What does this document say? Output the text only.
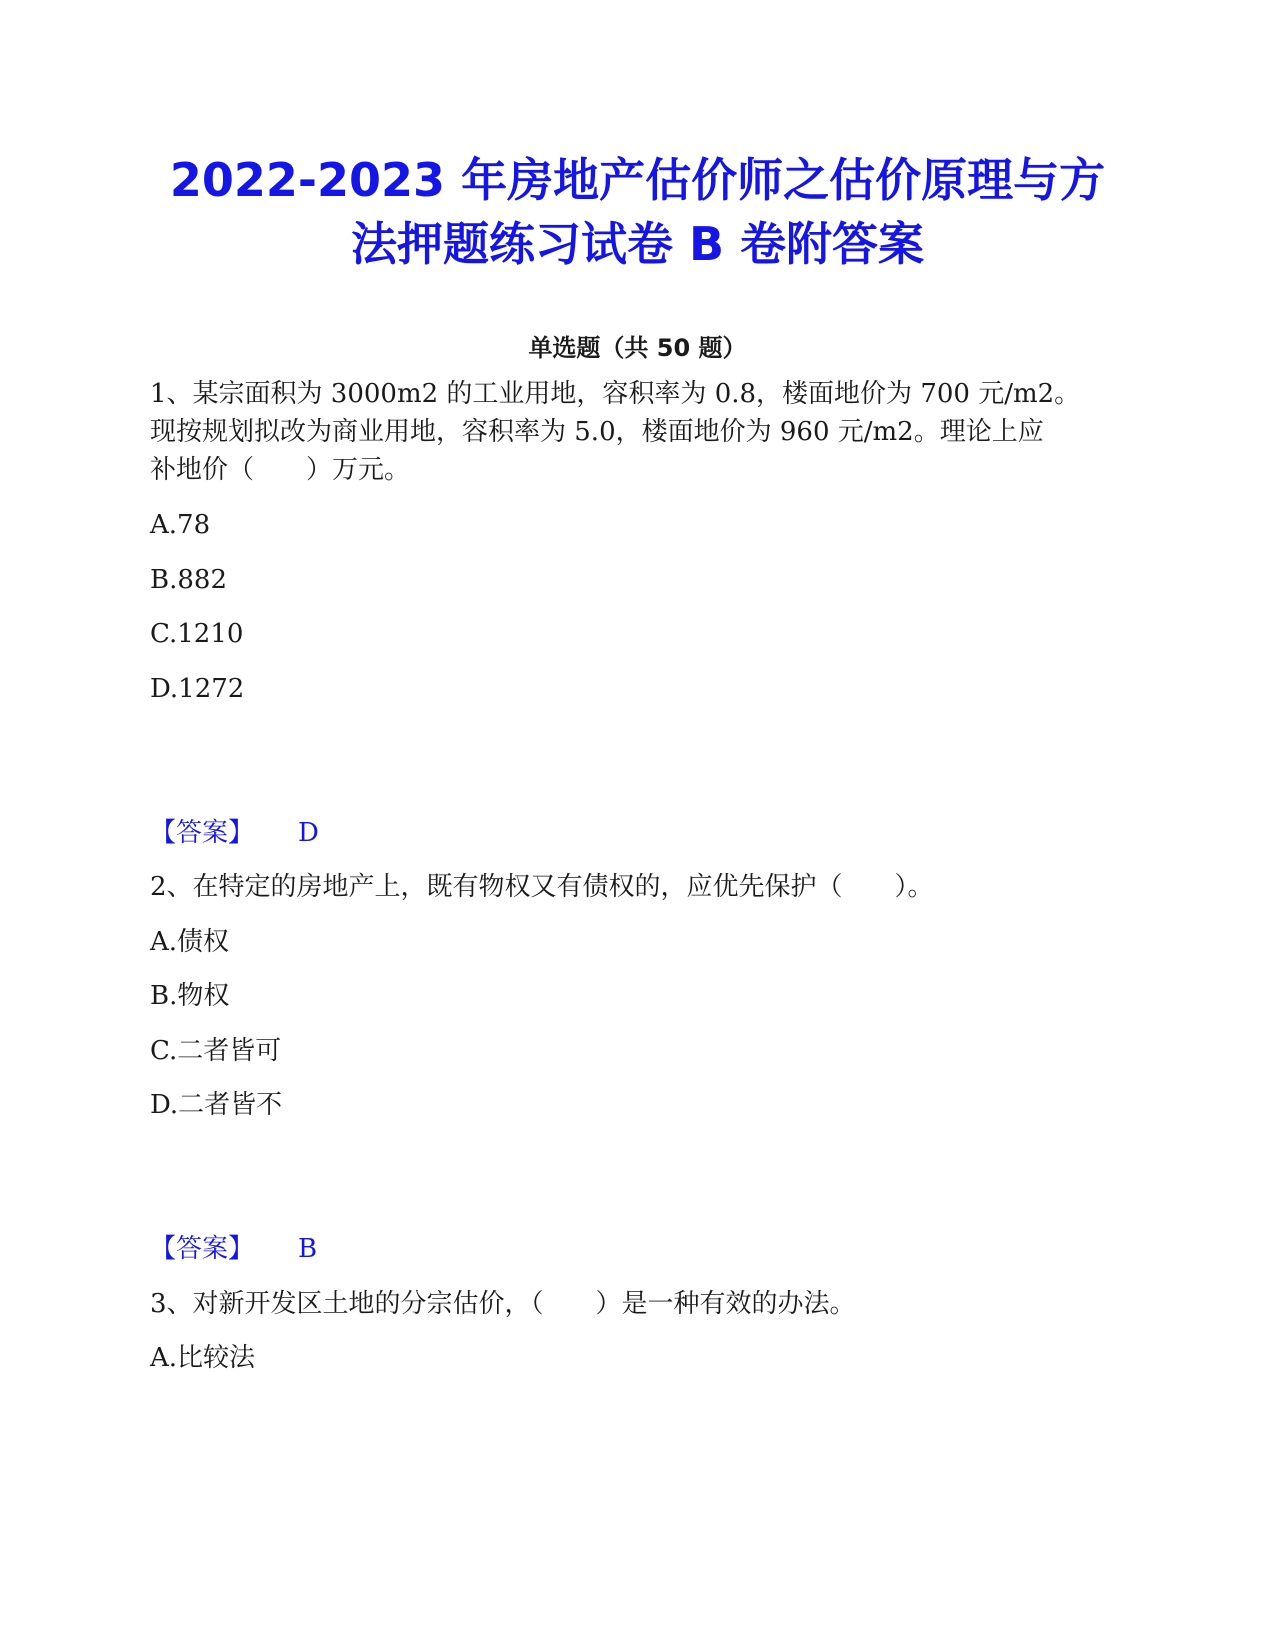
2022-2023 年房地产估价师之估价原理与方
法押题练习试卷 B 卷附答案
单选题（共 50 题）
1、某宗面积为 3000m2 的工业用地，容积率为 0.8，楼面地价为 700 元/m2。
现按规划拟改为商业用地，容积率为 5.0，楼面地价为 960 元/m2。理论上应
补地价（　　）万元。

A.78

B.882

C.1210

D.1272

【答案】 D

2、在特定的房地产上，既有物权又有债权的，应优先保护（　　）。

A.债权

B.物权

C.二者皆可

D.二者皆不

【答案】 B

3、对新开发区土地的分宗估价，（　　）是一种有效的办法。

A.比较法
